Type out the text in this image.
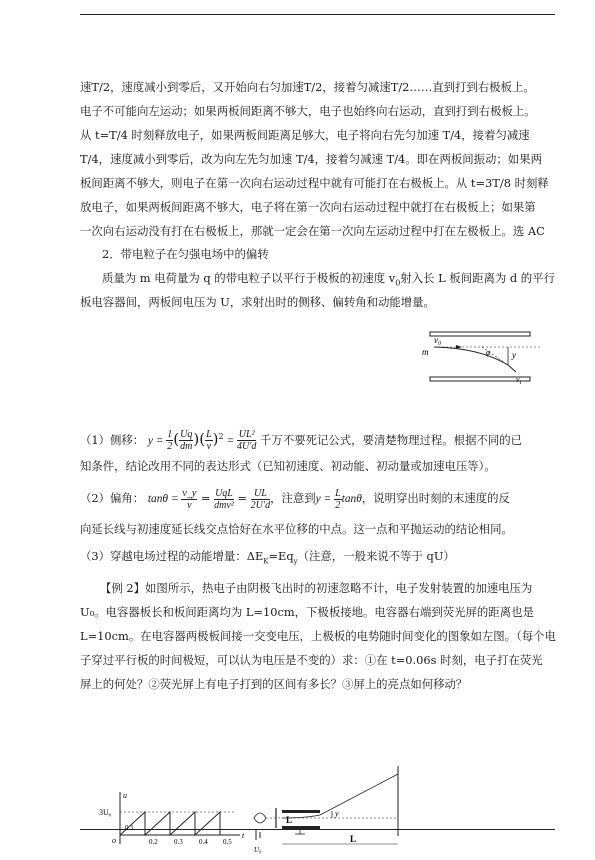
速T/2，速度减小到零后，又开始向右匀加速T/2，接着匀减速T/2……直到打到右极板上。
电子不可能向左运动；如果两板间距离不够大，电子也始终向右运动，直到打到右极板上。
从 t=T/4 时刻释放电子，如果两板间距离足够大，电子将向右先匀加速 T/4，接着匀减速
T/4，速度减小到零后，改为向左先匀加速 T/4，接着匀减速 T/4。即在两板间振动；如果两
板间距离不够大，则电子在第一次向右运动过程中就有可能打在右极板上。从 t=3T/8 时刻释
放电子，如果两板间距离不够大，电子将在第一次向右运动过程中就打在右极板上；如果第
一次向右运动没有打在右极板上，那就一定会在第一次向左运动过程中打在左极板上。选 AC
2．带电粒子在匀强电场中的偏转
质量为 m 电荷量为 q 的带电粒子以平行于极板的初速度 $v_0$射入长 L 板间距离为 d 的平行
板电容器间，两板间电压为 U，求射出时的侧移、偏转角和动能增量。
$v_0$
m	φ y
$v_t$
（1）侧移： $y = \frac{1}{2}$ ( $\frac{Uq}{dm}$ )( $\frac{L}{v} )^2 = \frac{\text{UL²}}{4U'd}$ 千万不要死记公式，要清楚物理过程。根据不同的已
知条件，结论改用不同的表达形式（已知初速度、初动能、初动量或加速电压等）。
（2）偏角： $\tan\theta = \frac{v\_y}{v} = \frac{\text{UqL}}{\text{dmv²}} = \frac{UL}{2U'd}$ ，注意到$y = \frac{L}{2}$ tanθ，说明穿出时刻的末速度的反
向延长线与初速度延长线交点恰好在水平位移的中点。这一点和平抛运动的结论相同。
（3）穿越电场过程的动能增量：$\Delta E_K=Eq_y$（注意，一般来说不等于 qU）
【例 2】如图所示，热电子由阴极飞出时的初速忽略不计，电子发射装置的加速电压为
U₀。电容器板长和板间距离均为 L=10cm，下极板接地。电容器右端到荧光屏的距离也是
L=10cm。在电容器两极板间接一交变电压，上极板的电势随时间变化的图象如左图。（每个电
子穿过平行板的时间极短，可以认为电压是不变的）求：①在 t=0.06s 时刻，电子打在荧光
屏上的何处？②荧光屏上有电子打到的区间有多长？③屏上的亮点如何移动？
u
3U₀
o
0.1
0.2 0.3 0.4 0.5
t
L
y
U₀
L
